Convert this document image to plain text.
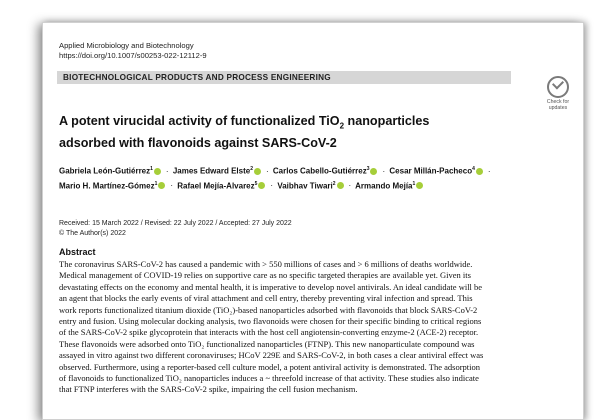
Applied Microbiology and Biotechnology
https://doi.org/10.1007/s00253-022-12112-9
BIOTECHNOLOGICAL PRODUCTS AND PROCESS ENGINEERING
Check for
updates
A potent virucidal activity of functionalized TiO$_2$ nanoparticles
adsorbed with flavonoids against SARS-CoV-2
Gabriela León-Gutiérrez$^1$ · James Edward Elste$^2$ · Carlos Cabello-Gutiérrez$^3$ · Cesar Millán-Pacheco$^4$ ·
Mario H. Martínez-Gómez$^1$ · Rafael Mejía-Alvarez$^5$ · Vaibhav Tiwari$^2$ · Armando Mejía$^1$
Received: 15 March 2022 / Revised: 22 July 2022 / Accepted: 27 July 2022
© The Author(s) 2022
Abstract
The coronavirus SARS-CoV-2 has caused a pandemic with > 550 millions of cases and > 6 millions of deaths worldwide.
Medical management of COVID-19 relies on supportive care as no specific targeted therapies are available yet. Given its
devastating effects on the economy and mental health, it is imperative to develop novel antivirals. An ideal candidate will be
an agent that blocks the early events of viral attachment and cell entry, thereby preventing viral infection and spread. This
work reports functionalized titanium dioxide (TiO₂)-based nanoparticles adsorbed with flavonoids that block SARS-CoV-2
entry and fusion. Using molecular docking analysis, two flavonoids were chosen for their specific binding to critical regions
of the SARS-CoV-2 spike glycoprotein that interacts with the host cell angiotensin-converting enzyme-2 (ACE-2) receptor.
These flavonoids were adsorbed onto TiO₂ functionalized nanoparticles (FTNP). This new nanoparticulate compound was
assayed in vitro against two different coronaviruses; HCoV 229E and SARS-CoV-2, in both cases a clear antiviral effect was
observed. Furthermore, using a reporter-based cell culture model, a potent antiviral activity is demonstrated. The adsorption
of flavonoids to functionalized TiO₂ nanoparticles induces a ~ threefold increase of that activity. These studies also indicate
that FTNP interferes with the SARS-CoV-2 spike, impairing the cell fusion mechanism.
